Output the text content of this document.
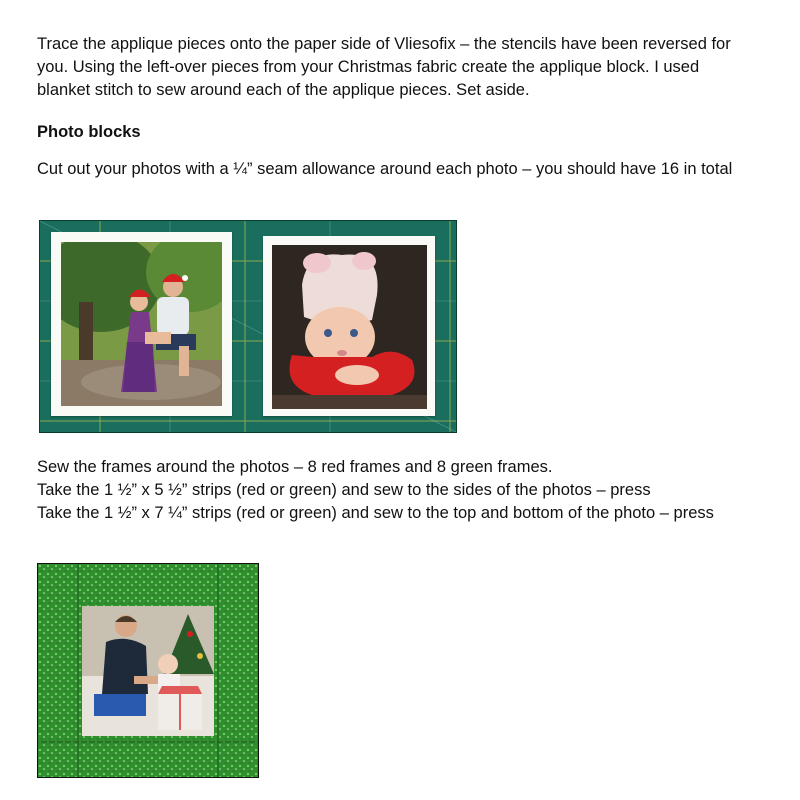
Trace the applique pieces onto the paper side of Vliesofix – the stencils have been reversed for you. Using the left-over pieces from your Christmas fabric create the applique block. I used blanket stitch to sew around each of the applique pieces. Set aside.

Photo blocks

Cut out your photos with a ¼” seam allowance around each photo – you should have 16 in total

Sew the frames around the photos – 8 red frames and 8 green frames.

Take the 1 ½” x 5 ½” strips (red or green) and sew to the sides of the photos – press

Take the 1 ½” x 7 ¼” strips (red or green) and sew to the top and bottom of the photo – press
